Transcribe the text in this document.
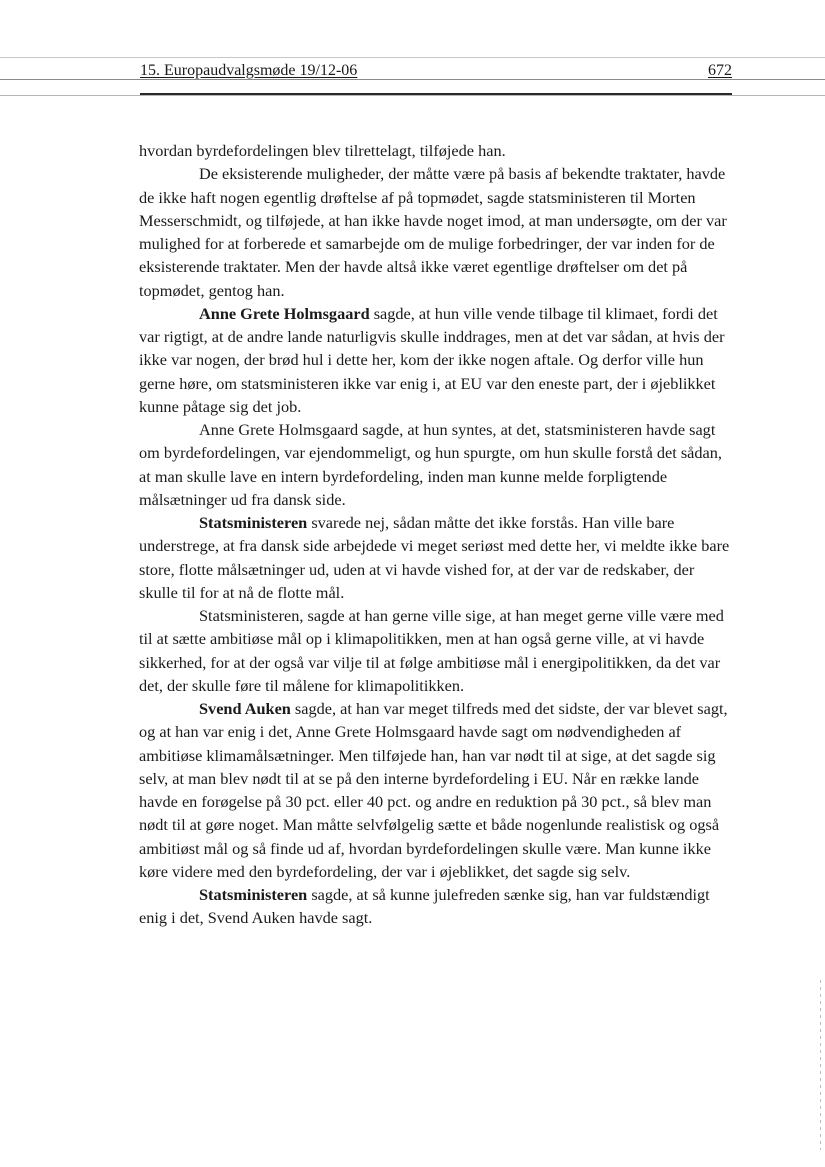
15. Europaudvalgsmøde 19/12-06	672

hvordan byrdefordelingen blev tilrettelagt, tilføjede han.

De eksisterende muligheder, der måtte være på basis af bekendte traktater, havde de ikke haft nogen egentlig drøftelse af på topmødet, sagde statsministeren til Morten Messerschmidt, og tilføjede, at han ikke havde noget imod, at man undersøgte, om der var mulighed for at forberede et samarbejde om de mulige forbedringer, der var inden for de eksisterende traktater. Men der havde altså ikke været egentlige drøftelser om det på topmødet, gentog han.

Anne Grete Holmsgaard sagde, at hun ville vende tilbage til klimaet, fordi det var rigtigt, at de andre lande naturligvis skulle inddrages, men at det var sådan, at hvis der ikke var nogen, der brød hul i dette her, kom der ikke nogen aftale. Og derfor ville hun gerne høre, om statsministeren ikke var enig i, at EU var den eneste part, der i øjeblikket kunne påtage sig det job.

Anne Grete Holmsgaard sagde, at hun syntes, at det, statsministeren havde sagt om byrdefordelingen, var ejendommeligt, og hun spurgte, om hun skulle forstå det sådan, at man skulle lave en intern byrdefordeling, inden man kunne melde forpligtende målsætninger ud fra dansk side.

Statsministeren svarede nej, sådan måtte det ikke forstås. Han ville bare understrege, at fra dansk side arbejdede vi meget seriøst med dette her, vi meldte ikke bare store, flotte målsætninger ud, uden at vi havde vished for, at der var de redskaber, der skulle til for at nå de flotte mål.

Statsministeren, sagde at han gerne ville sige, at han meget gerne ville være med til at sætte ambitiøse mål op i klimapolitikken, men at han også gerne ville, at vi havde sikkerhed, for at der også var vilje til at følge ambitiøse mål i energipolitikken, da det var det, der skulle føre til målene for klimapolitikken.

Svend Auken sagde, at han var meget tilfreds med det sidste, der var blevet sagt, og at han var enig i det, Anne Grete Holmsgaard havde sagt om nødvendigheden af ambitiøse klimamålsætninger. Men tilføjede han, han var nødt til at sige, at det sagde sig selv, at man blev nødt til at se på den interne byrdefordeling i EU. Når en række lande havde en forøgelse på 30 pct. eller 40 pct. og andre en reduktion på 30 pct., så blev man nødt til at gøre noget. Man måtte selvfølgelig sætte et både nogenlunde realistisk og også ambitiøst mål og så finde ud af, hvordan byrdefordelingen skulle være. Man kunne ikke køre videre med den byrdefordeling, der var i øjeblikket, det sagde sig selv.

Statsministeren sagde, at så kunne julefreden sænke sig, han var fuldstændigt enig i det, Svend Auken havde sagt.
